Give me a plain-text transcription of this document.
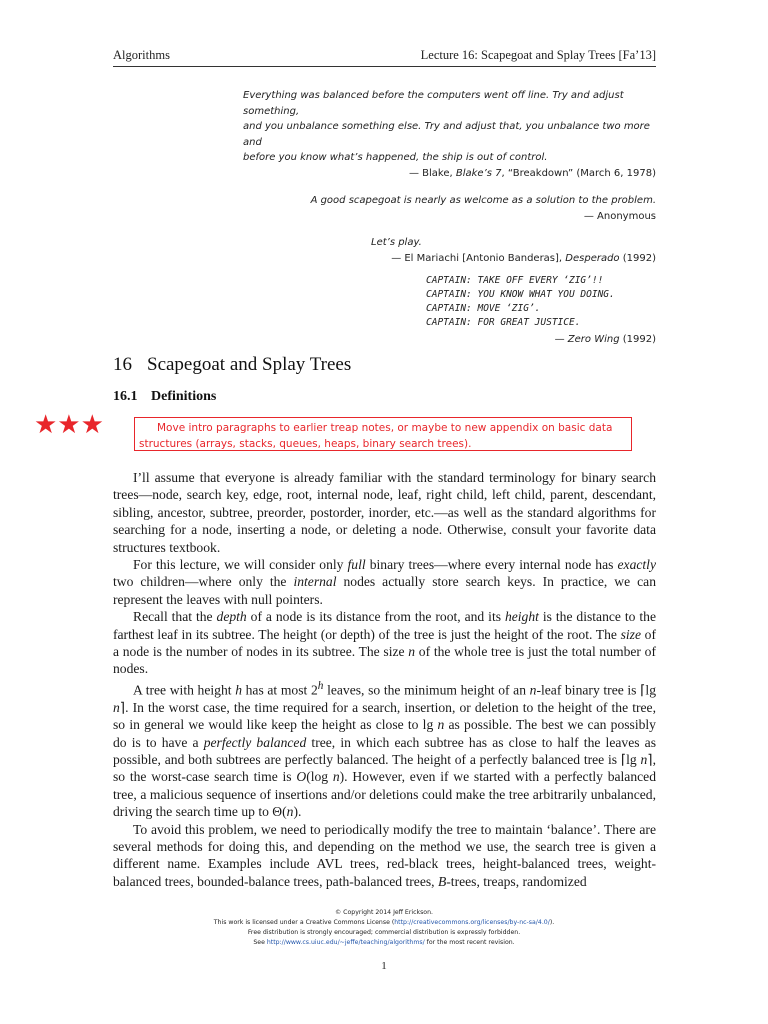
Algorithms	Lecture 16: Scapegoat and Splay Trees [Fa’13]
Everything was balanced before the computers went off line. Try and adjust something,
and you unbalance something else. Try and adjust that, you unbalance two more and
before you know what’s happened, the ship is out of control.
— Blake, Blake’s 7, “Breakdown” (March 6, 1978)
A good scapegoat is nearly as welcome as a solution to the problem.
— Anonymous
Let’s play.
— El Mariachi [Antonio Banderas], Desperado (1992)
CAPTAIN: TAKE OFF EVERY ‘ZIG’!!
CAPTAIN: YOU KNOW WHAT YOU DOING.
CAPTAIN: MOVE ‘ZIG’.
CAPTAIN: FOR GREAT JUSTICE.
— Zero Wing (1992)
16 Scapegoat and Splay Trees
16.1 Definitions
★★★	Move intro paragraphs to earlier treap notes, or maybe to new appendix on basic data
structures (arrays, stacks, queues, heaps, binary search trees).

I’ll assume that everyone is already familiar with the standard terminology for binary search trees—node, search key, edge, root, internal node, leaf, right child, left child, parent, descendant, sibling, ancestor, subtree, preorder, postorder, inorder, etc.—as well as the standard algorithms for searching for a node, inserting a node, or deleting a node. Otherwise, consult your favorite data structures textbook.

For this lecture, we will consider only full binary trees—where every internal node has exactly two children—where only the internal nodes actually store search keys. In practice, we can represent the leaves with null pointers.

Recall that the depth of a node is its distance from the root, and its height is the distance to the farthest leaf in its subtree. The height (or depth) of the tree is just the height of the root. The size of a node is the number of nodes in its subtree. The size n of the whole tree is just the total number of nodes.

A tree with height h has at most 2$^h$ leaves, so the minimum height of an n-leaf binary tree is ⌈lg n⌉. In the worst case, the time required for a search, insertion, or deletion to the height of the tree, so in general we would like keep the height as close to lg n as possible. The best we can possibly do is to have a perfectly balanced tree, in which each subtree has as close to half the leaves as possible, and both subtrees are perfectly balanced. The height of a perfectly balanced tree is ⌈lg n⌉, so the worst-case search time is O(log n). However, even if we started with a perfectly balanced tree, a malicious sequence of insertions and/or deletions could make the tree arbitrarily unbalanced, driving the search time up to Θ(n).

To avoid this problem, we need to periodically modify the tree to maintain ‘balance’. There are several methods for doing this, and depending on the method we use, the search tree is given a different name. Examples include AVL trees, red-black trees, height-balanced trees, weight-balanced trees, bounded-balance trees, path-balanced trees, B-trees, treaps, randomized

© Copyright 2014 Jeff Erickson.
This work is licensed under a Creative Commons License (http://creativecommons.org/licenses/by-nc-sa/4.0/).
Free distribution is strongly encouraged; commercial distribution is expressly forbidden.
See http://www.cs.uiuc.edu/~jeffe/teaching/algorithms/ for the most recent revision.
1
